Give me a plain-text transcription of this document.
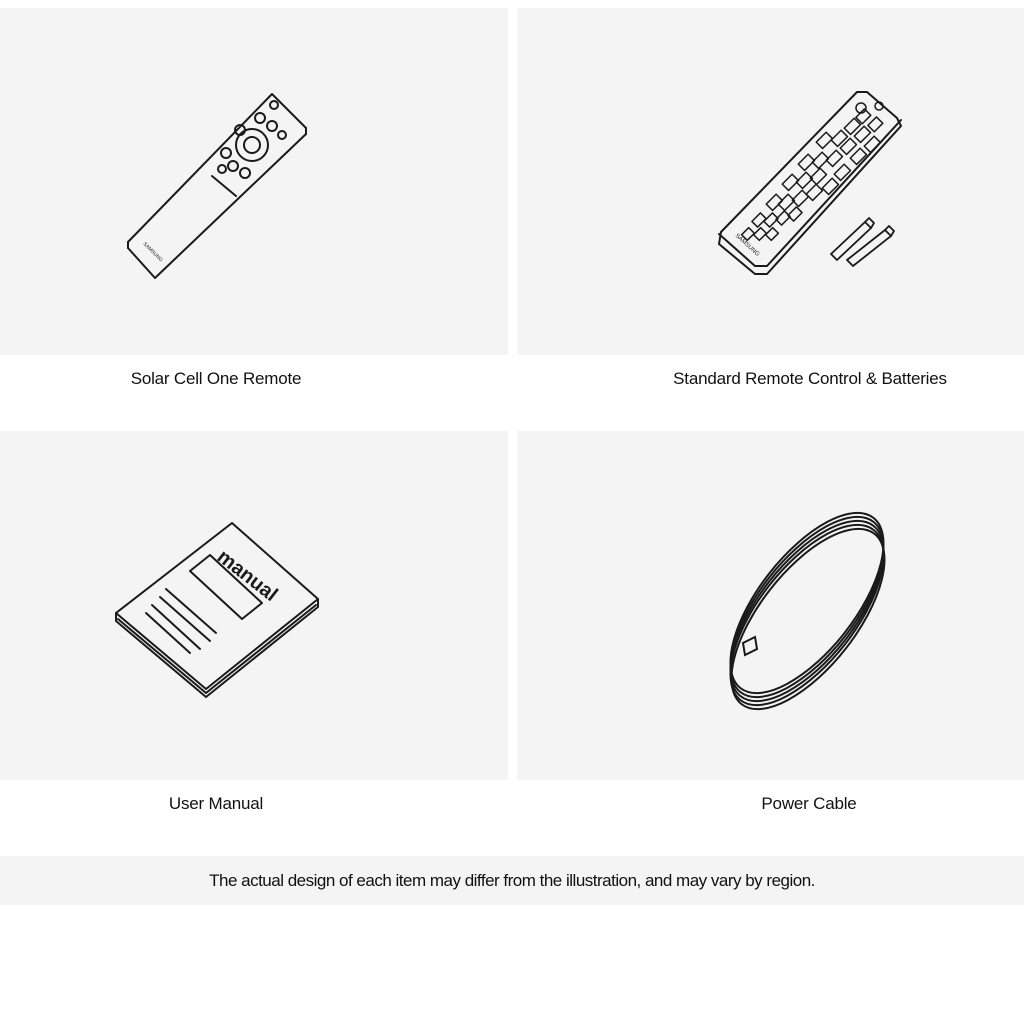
SAMSUNG
Solar Cell One Remote
SAMSUNG
Standard Remote Control & Batteries
manual
User Manual	Power Cable
The actual design of each item may differ from the illustration, and may vary by region.
